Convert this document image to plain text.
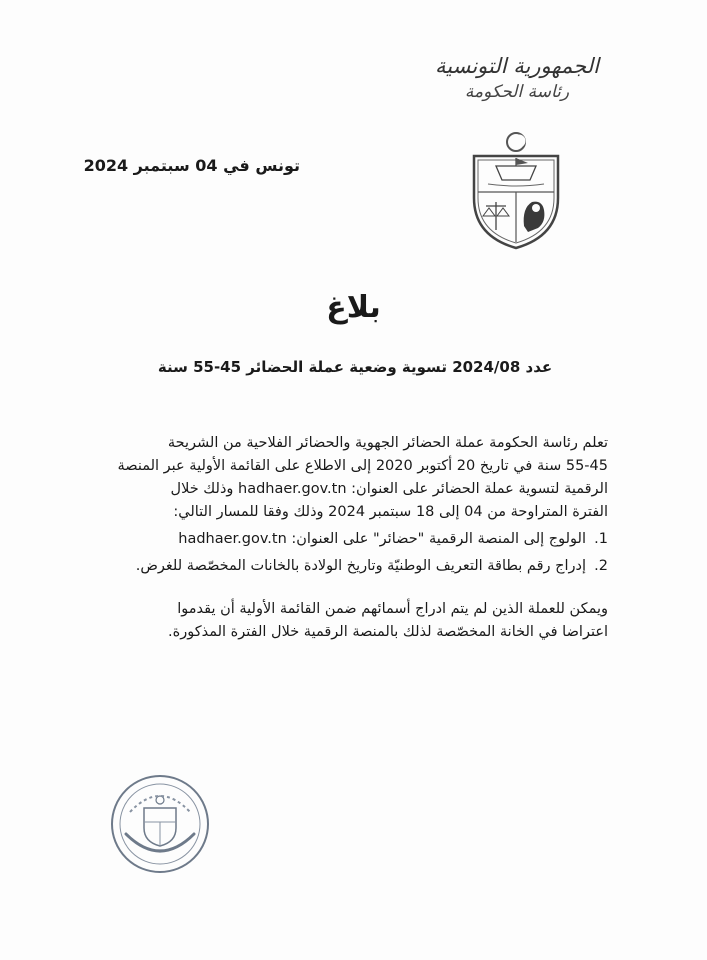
الجمهورية التونسية
رئاسة الحكومة
تونس في 04 سبتمبر 2024
بلاغ
عدد 2024/08 تسوية وضعية عملة الحضائر 45-55 سنة

تعلم رئاسة الحكومة عملة الحضائر الجهوية والحضائر الفلاحية من الشريحة

55-45 سنة في تاريخ 20 أكتوبر 2020 إلى الاطلاع على القائمة الأولية عبر المنصة

الرقمية لتسوية عملة الحضائر على العنوان: hadhaer.gov.tn وذلك خلال

الفترة المتراوحة من 04 إلى 18 سبتمبر 2024 وذلك وفقا للمسار التالي:

1.
الولوج إلى المنصة الرقمية "حضائر" على العنوان: hadhaer.gov.tn
2.
إدراج رقم بطاقة التعريف الوطنيّة وتاريخ الولادة بالخانات المخصّصة للغرض.

ويمكن للعملة الذين لم يتم ادراج أسمائهم ضمن القائمة الأولية أن يقدموا

اعتراضا في الخانة المخصّصة لذلك بالمنصة الرقمية خلال الفترة المذكورة.
